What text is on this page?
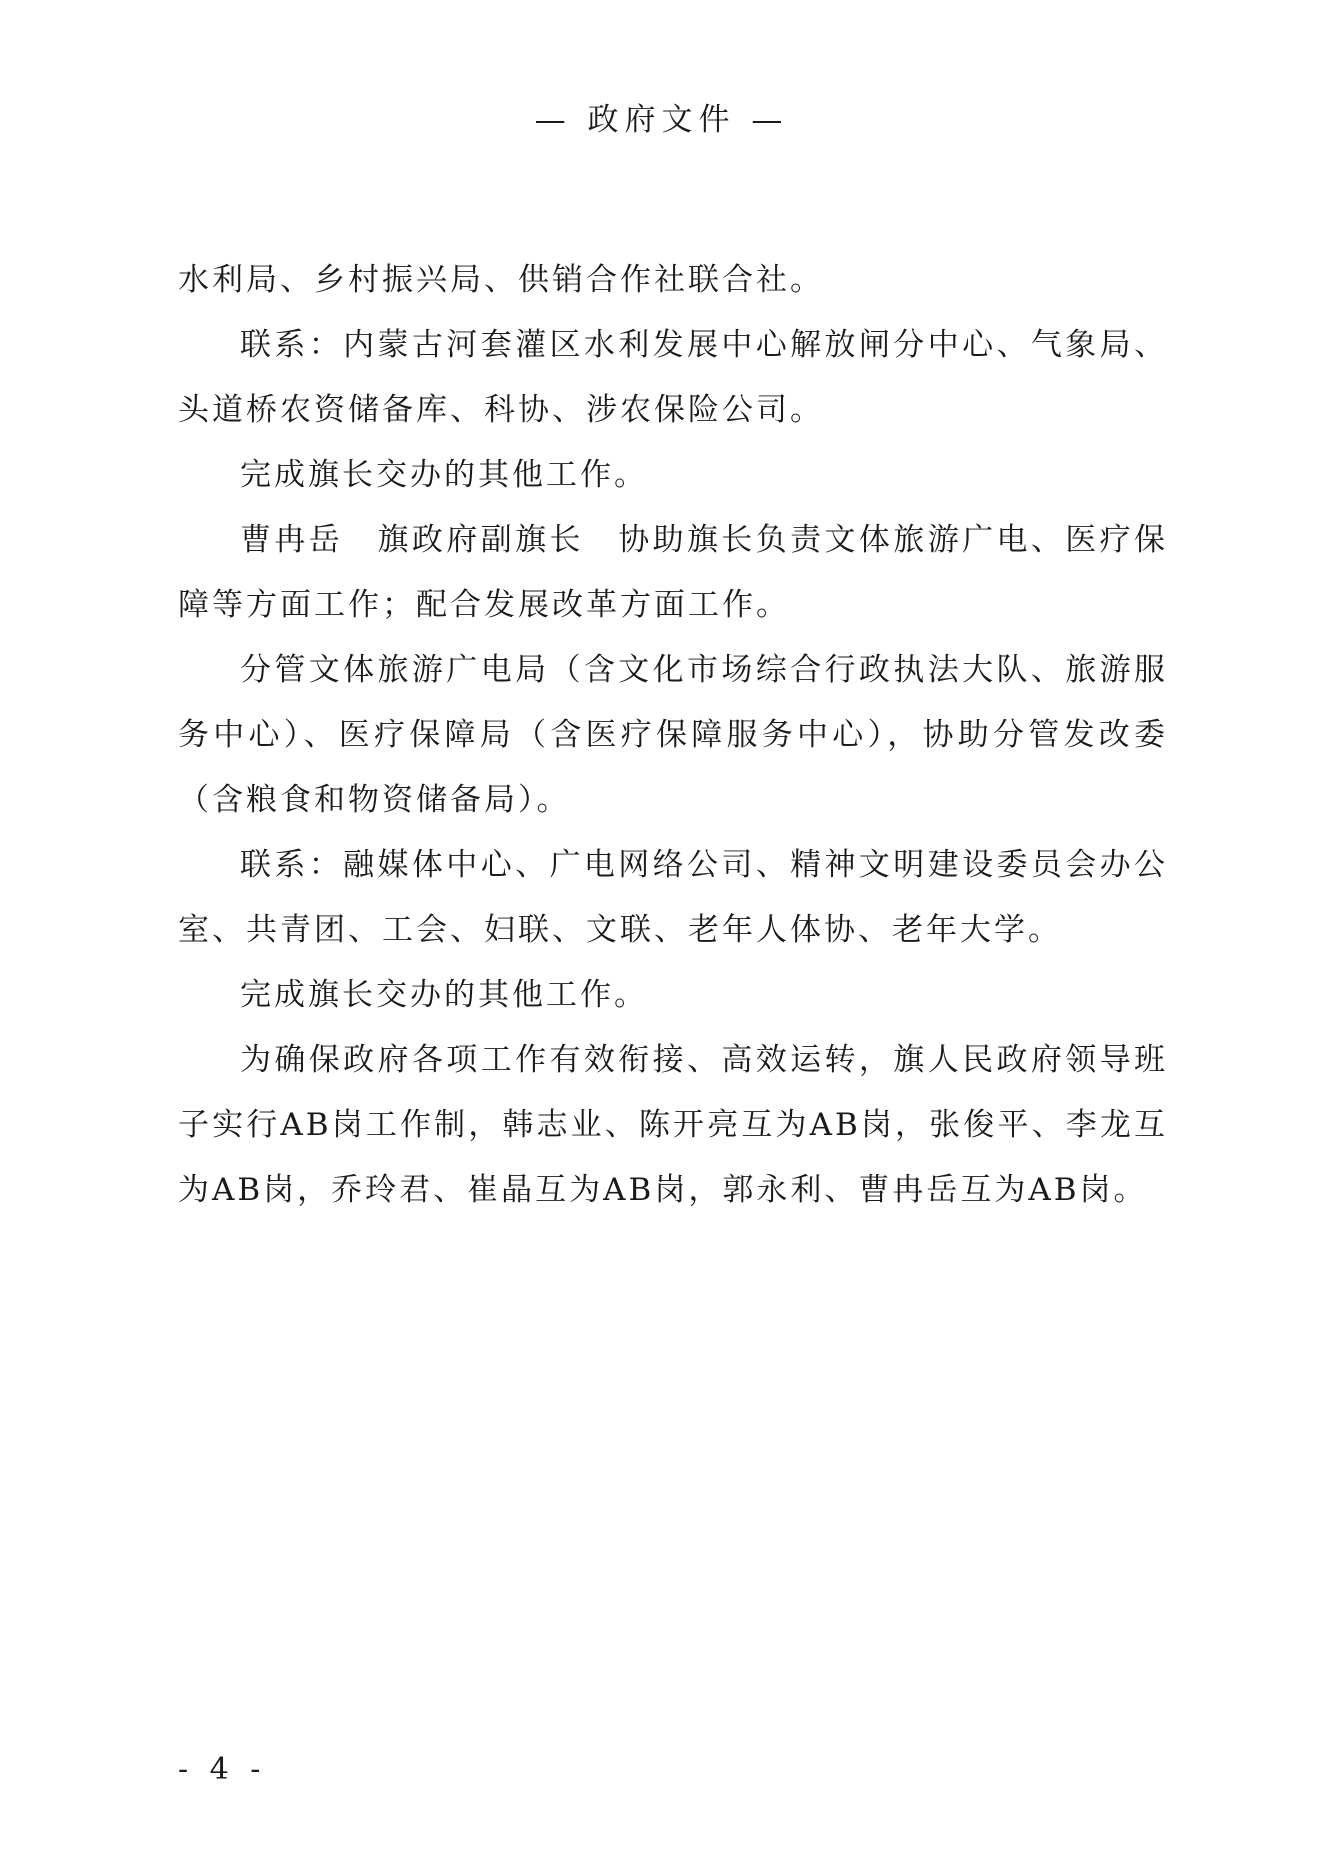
— 政府文件 —

水利局、乡村振兴局、供销合作社联合社。

联系：内蒙古河套灌区水利发展中心解放闸分中心、气象局、头道桥农资储备库、科协、涉农保险公司。

完成旗长交办的其他工作。

曹冉岳　旗政府副旗长　协助旗长负责文体旅游广电、医疗保障等方面工作；配合发展改革方面工作。

分管文体旅游广电局（含文化市场综合行政执法大队、旅游服务中心）、医疗保障局（含医疗保障服务中心），协助分管发改委（含粮食和物资储备局）。

联系：融媒体中心、广电网络公司、精神文明建设委员会办公室、共青团、工会、妇联、文联、老年人体协、老年大学。

完成旗长交办的其他工作。

为确保政府各项工作有效衔接、高效运转，旗人民政府领导班子实行AB岗工作制，韩志业、陈开亮互为AB岗，张俊平、李龙互为AB岗，乔玲君、崔晶互为AB岗，郭永利、曹冉岳互为AB岗。

- 4 -
